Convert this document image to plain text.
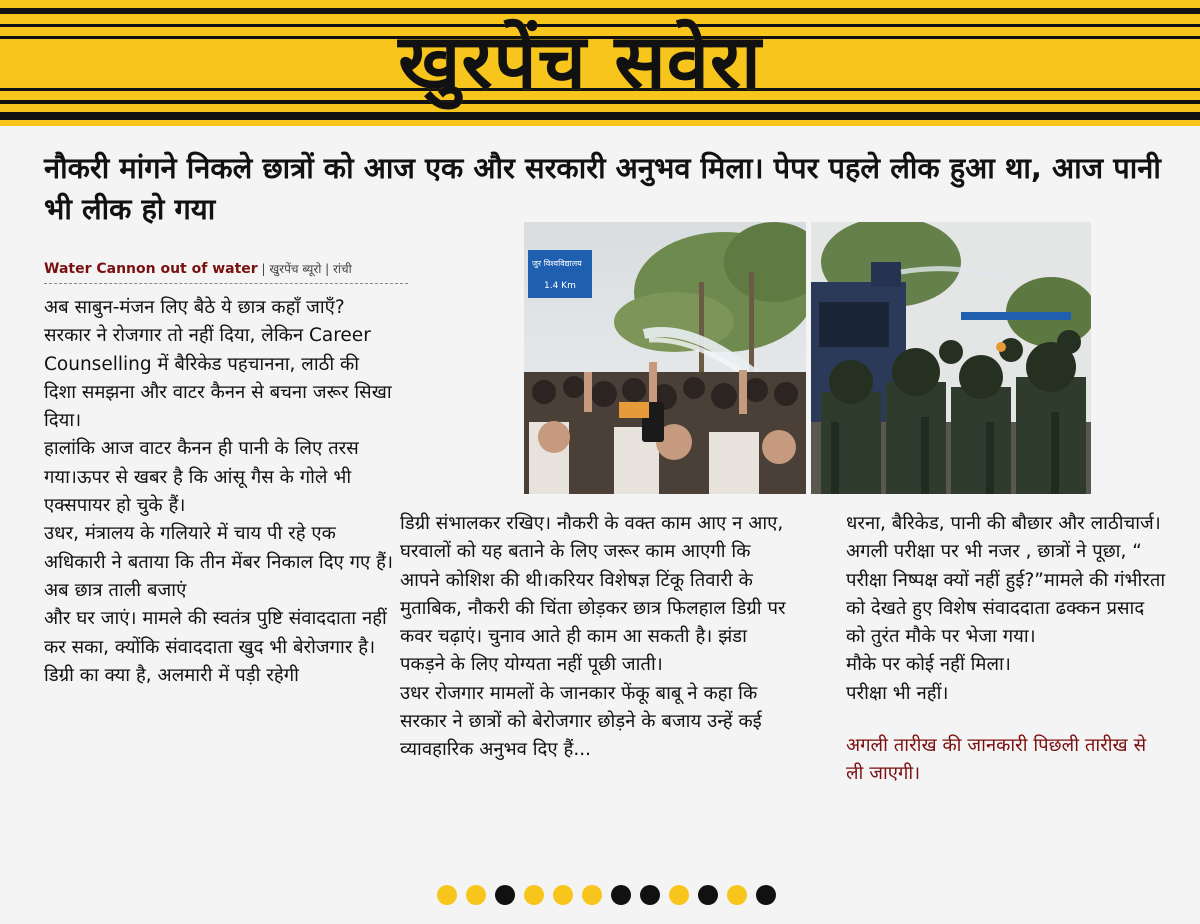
खुरपेंच सवेरा
नौकरी मांगने निकले छात्रों को आज एक और सरकारी अनुभव मिला। पेपर पहले लीक हुआ था, आज पानी भी लीक हो गया
Water Cannon out of water | खुरपेंच ब्यूरो | रांची	जुर विश्वविद्यालय
1.4 Km

अब साबुन-मंजन लिए बैठे ये छात्र कहाँ जाएँ?

सरकार ने रोजगार तो नहीं दिया, लेकिन Career Counselling में बैरिकेड पहचानना, लाठी की दिशा समझना और वाटर कैनन से बचना जरूर सिखा दिया।

हालांकि आज वाटर कैनन ही पानी के लिए तरस गया।ऊपर से खबर है कि आंसू गैस के गोले भी एक्सपायर हो चुके हैं।

उधर, मंत्रालय के गलियारे में चाय पी रहे एक अधिकारी ने बताया कि तीन मेंबर निकाल दिए गए हैं। अब छात्र ताली बजाएं

और घर जाएं। मामले की स्वतंत्र पुष्टि संवाददाता नहीं कर सका, क्योंकि संवाददाता खुद भी बेरोजगार है। डिग्री का क्या है, अलमारी में पड़ी रहेगी

डिग्री संभालकर रखिए। नौकरी के वक्त काम आए न आए, घरवालों को यह बताने के लिए जरूर काम आएगी कि आपने कोशिश की थी।करियर विशेषज्ञ टिंकू तिवारी के मुताबिक, नौकरी की चिंता छोड़कर छात्र फिलहाल डिग्री पर कवर चढ़ाएं। चुनाव आते ही काम आ सकती है। झंडा पकड़ने के लिए योग्यता नहीं पूछी जाती।

उधर रोजगार मामलों के जानकार फेंकू बाबू ने कहा कि सरकार ने छात्रों को बेरोजगार छोड़ने के बजाय उन्हें कई व्यावहारिक अनुभव दिए हैं...

धरना, बैरिकेड, पानी की बौछार और लाठीचार्ज।

अगली परीक्षा पर भी नजर , छात्रों ने पूछा, “ परीक्षा निष्पक्ष क्यों नहीं हुई?”मामले की गंभीरता को देखते हुए विशेष संवाददाता ढक्कन प्रसाद को तुरंत मौके पर भेजा गया।

मौके पर कोई नहीं मिला।

परीक्षा भी नहीं।

अगली तारीख की जानकारी पिछली तारीख से ली जाएगी।
